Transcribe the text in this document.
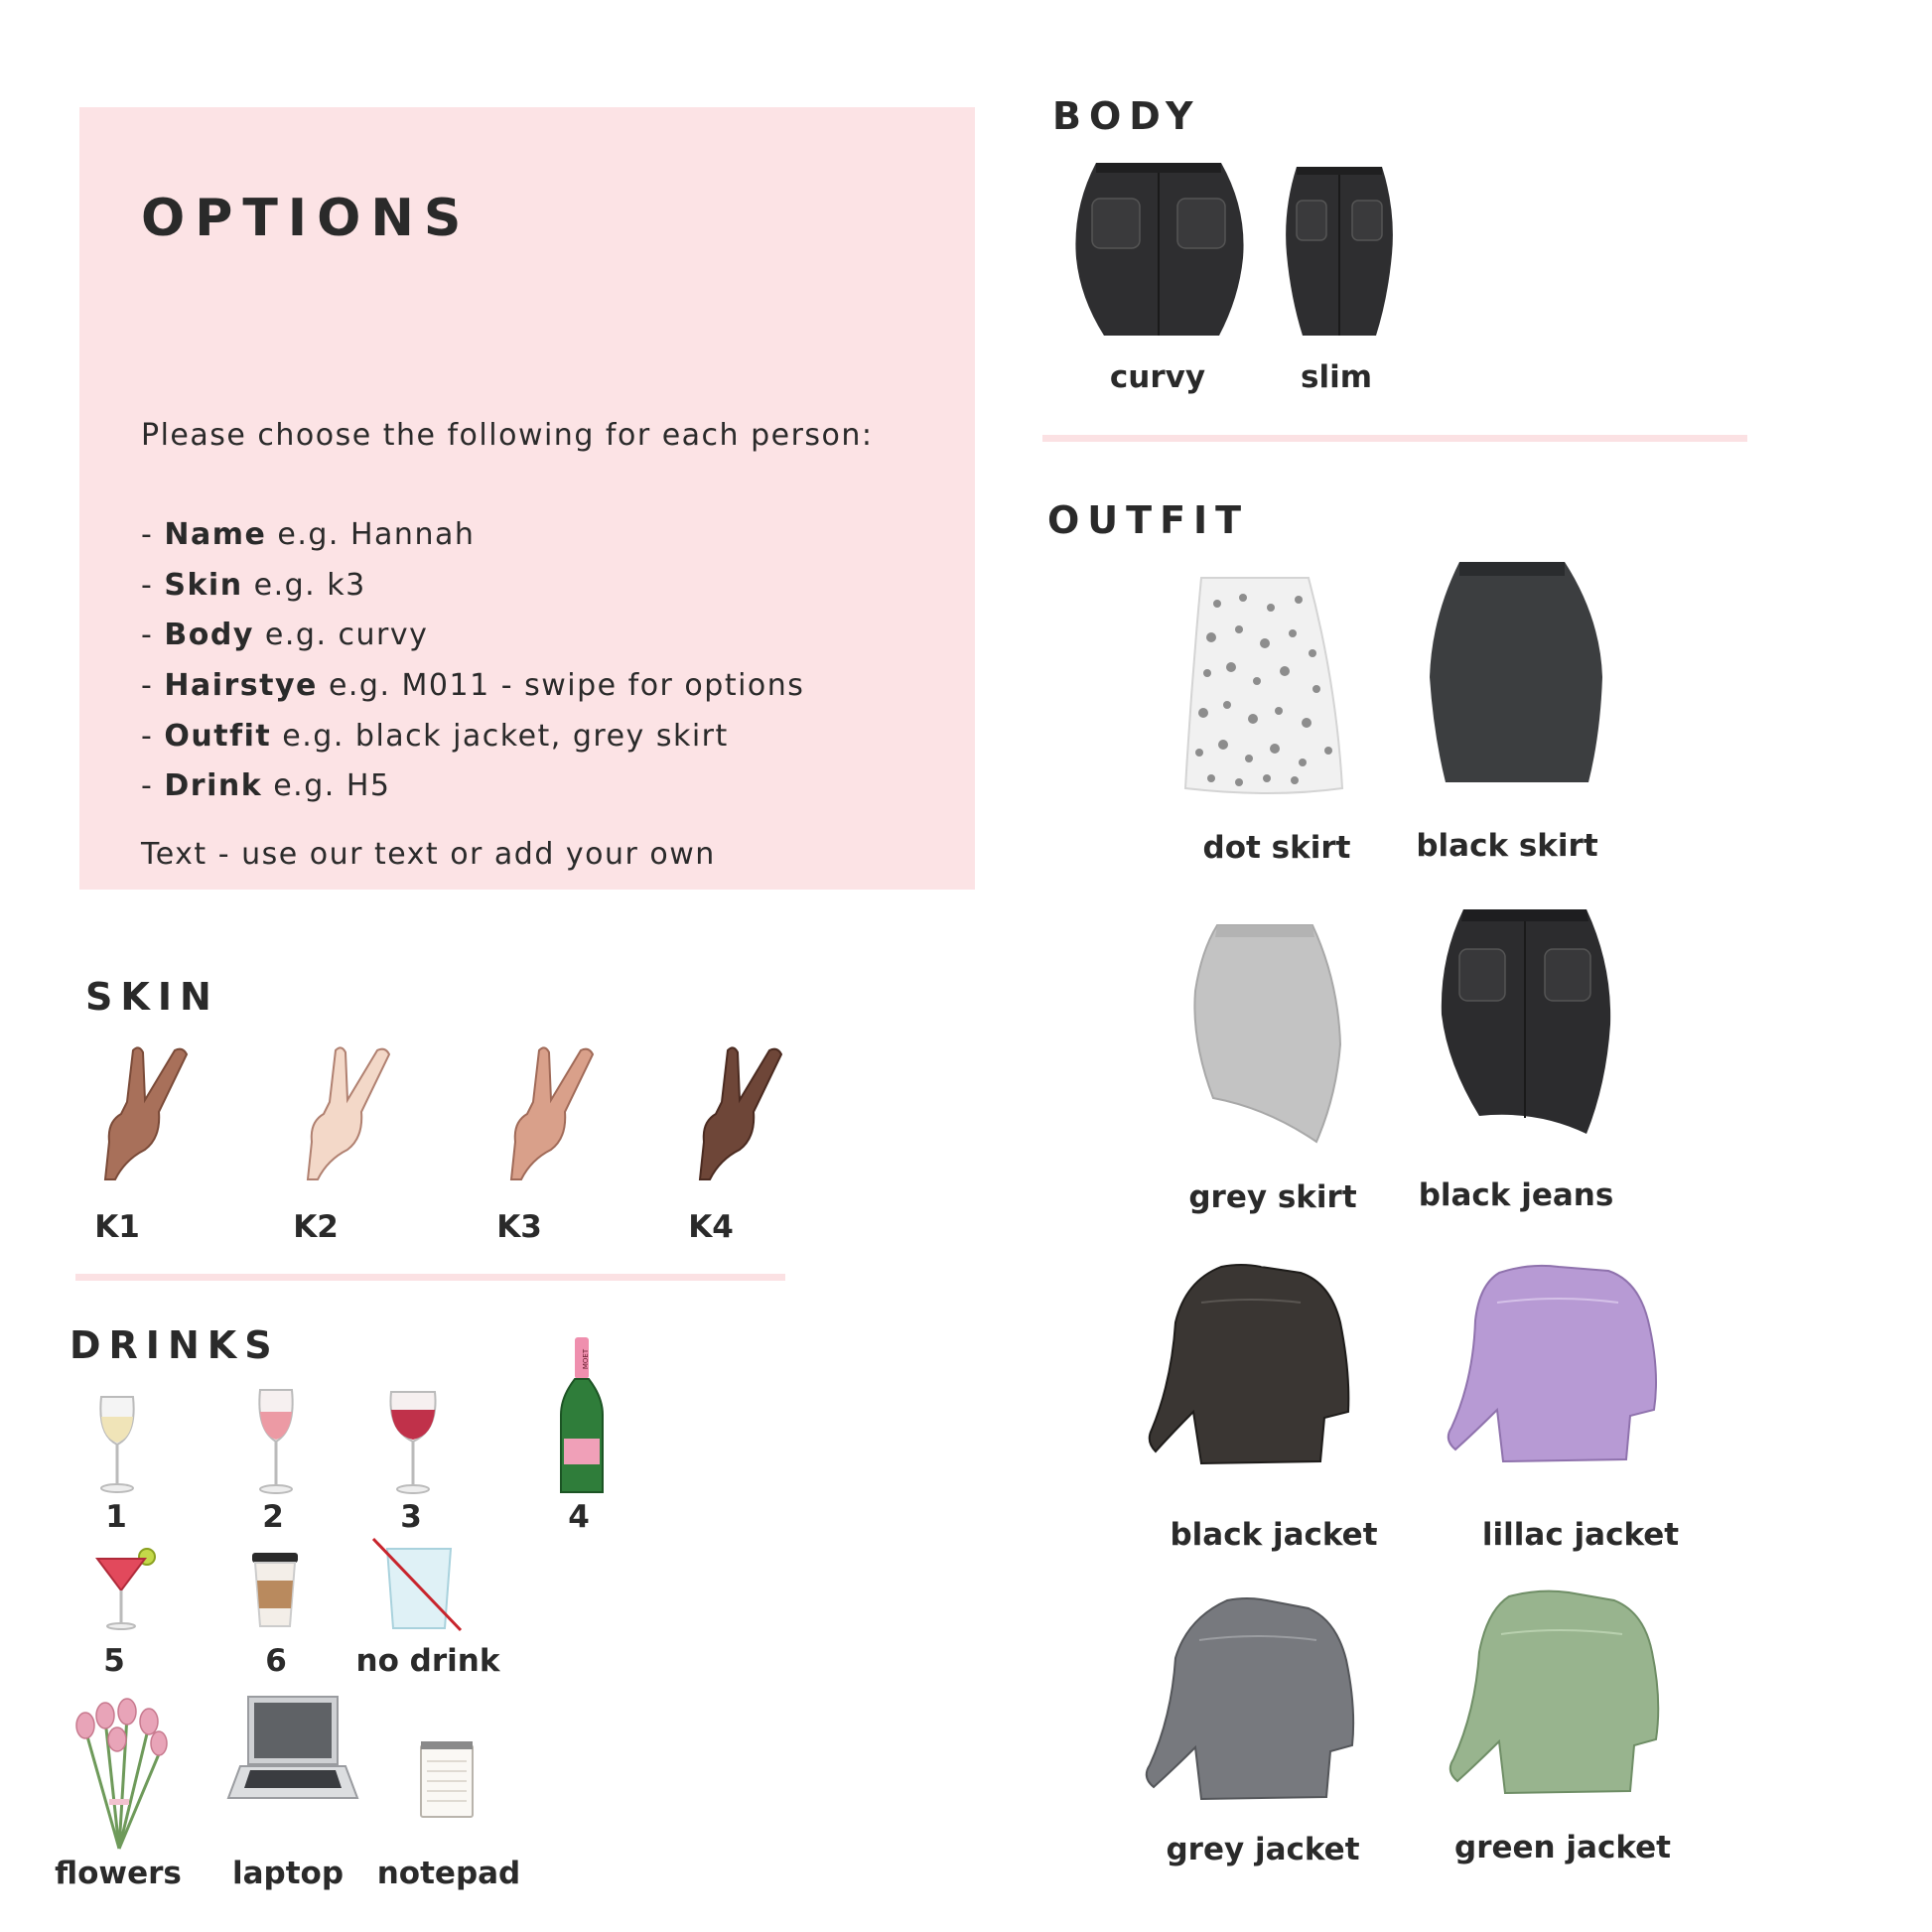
OPTIONS
Please choose the following for each person:
- Name e.g. Hannah
- Skin e.g. k3
- Body e.g. curvy
- Hairstye e.g. M011 - swipe for options
- Outfit e.g. black jacket, grey skirt
- Drink e.g. H5
Text - use our text or add your own
SKIN
K1	K2	K3	K4
DRINKS	MOET
1	2	3	4
5	6 no drink
flowers laptop notepad
BODY
curvy	slim
OUTFIT
dot skirt black skirt
grey skirt black jeans
black jacket	lillac jacket
grey jacket	green jacket
